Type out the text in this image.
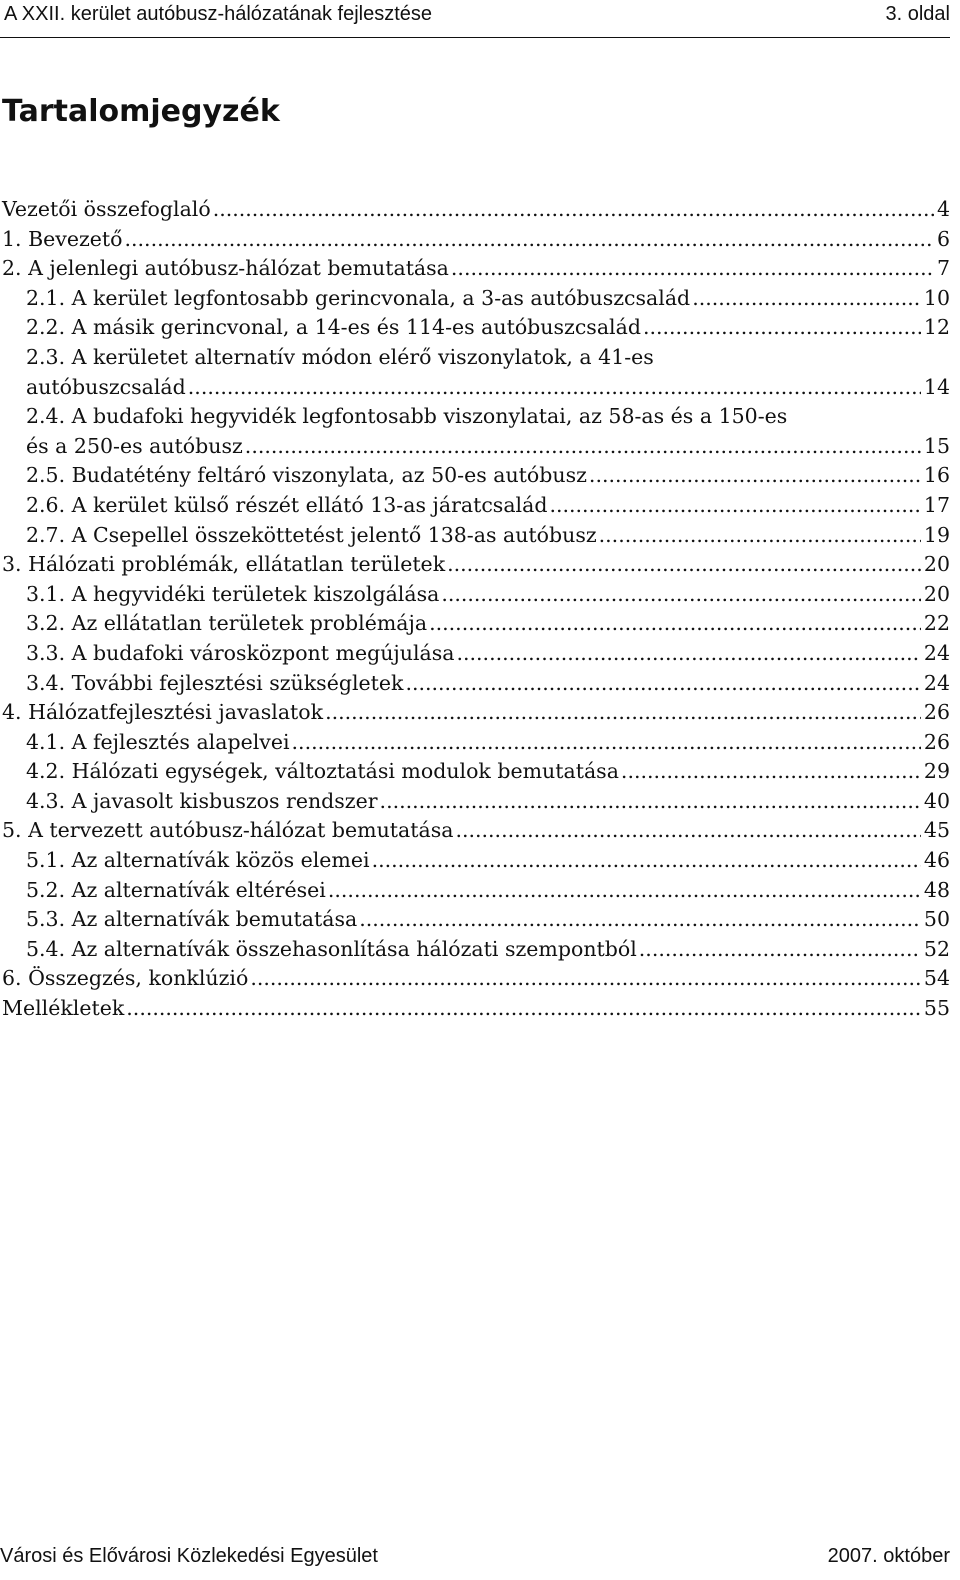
A XXII. kerület autóbusz-hálózatának fejlesztése	3. oldal
Tartalomjegyzék
Vezetői összefoglaló .....	4
1. Bevezető .....	6
2. A jelenlegi autóbusz-hálózat bemutatása .....	7
2.1. A kerület legfontosabb gerincvonala, a 3-as autóbuszcsalád .....	10
2.2. A másik gerincvonal, a 14-es és 114-es autóbuszcsalád .....	12
2.3. A kerületet alternatív módon elérő viszonylatok, a 41-es
autóbuszcsalád .....	14
2.4. A budafoki hegyvidék legfontosabb viszonylatai, az 58-as és a 150-es
és a 250-es autóbusz .....	15
2.5. Budatétény feltáró viszonylata, az 50-es autóbusz .....	16
2.6. A kerület külső részét ellátó 13-as járatcsalád .....	17
2.7. A Csepellel összeköttetést jelentő 138-as autóbusz .....	19
3. Hálózati problémák, ellátatlan területek .....	20
3.1. A hegyvidéki területek kiszolgálása .....	20
3.2. Az ellátatlan területek problémája .....	22
3.3. A budafoki városközpont megújulása .....	24
3.4. További fejlesztési szükségletek .....	24
4. Hálózatfejlesztési javaslatok .....	26
4.1. A fejlesztés alapelvei .....	26
4.2. Hálózati egységek, változtatási modulok bemutatása .....	29
4.3. A javasolt kisbuszos rendszer .....	40
5. A tervezett autóbusz-hálózat bemutatása .....	45
5.1. Az alternatívák közös elemei .....	46
5.2. Az alternatívák eltérései .....	48
5.3. Az alternatívák bemutatása .....	50
5.4. Az alternatívák összehasonlítása hálózati szempontból .....	52
6. Összegzés, konklúzió .....	54
Mellékletek .....	55
Városi és Elővárosi Közlekedési Egyesület	2007. október
